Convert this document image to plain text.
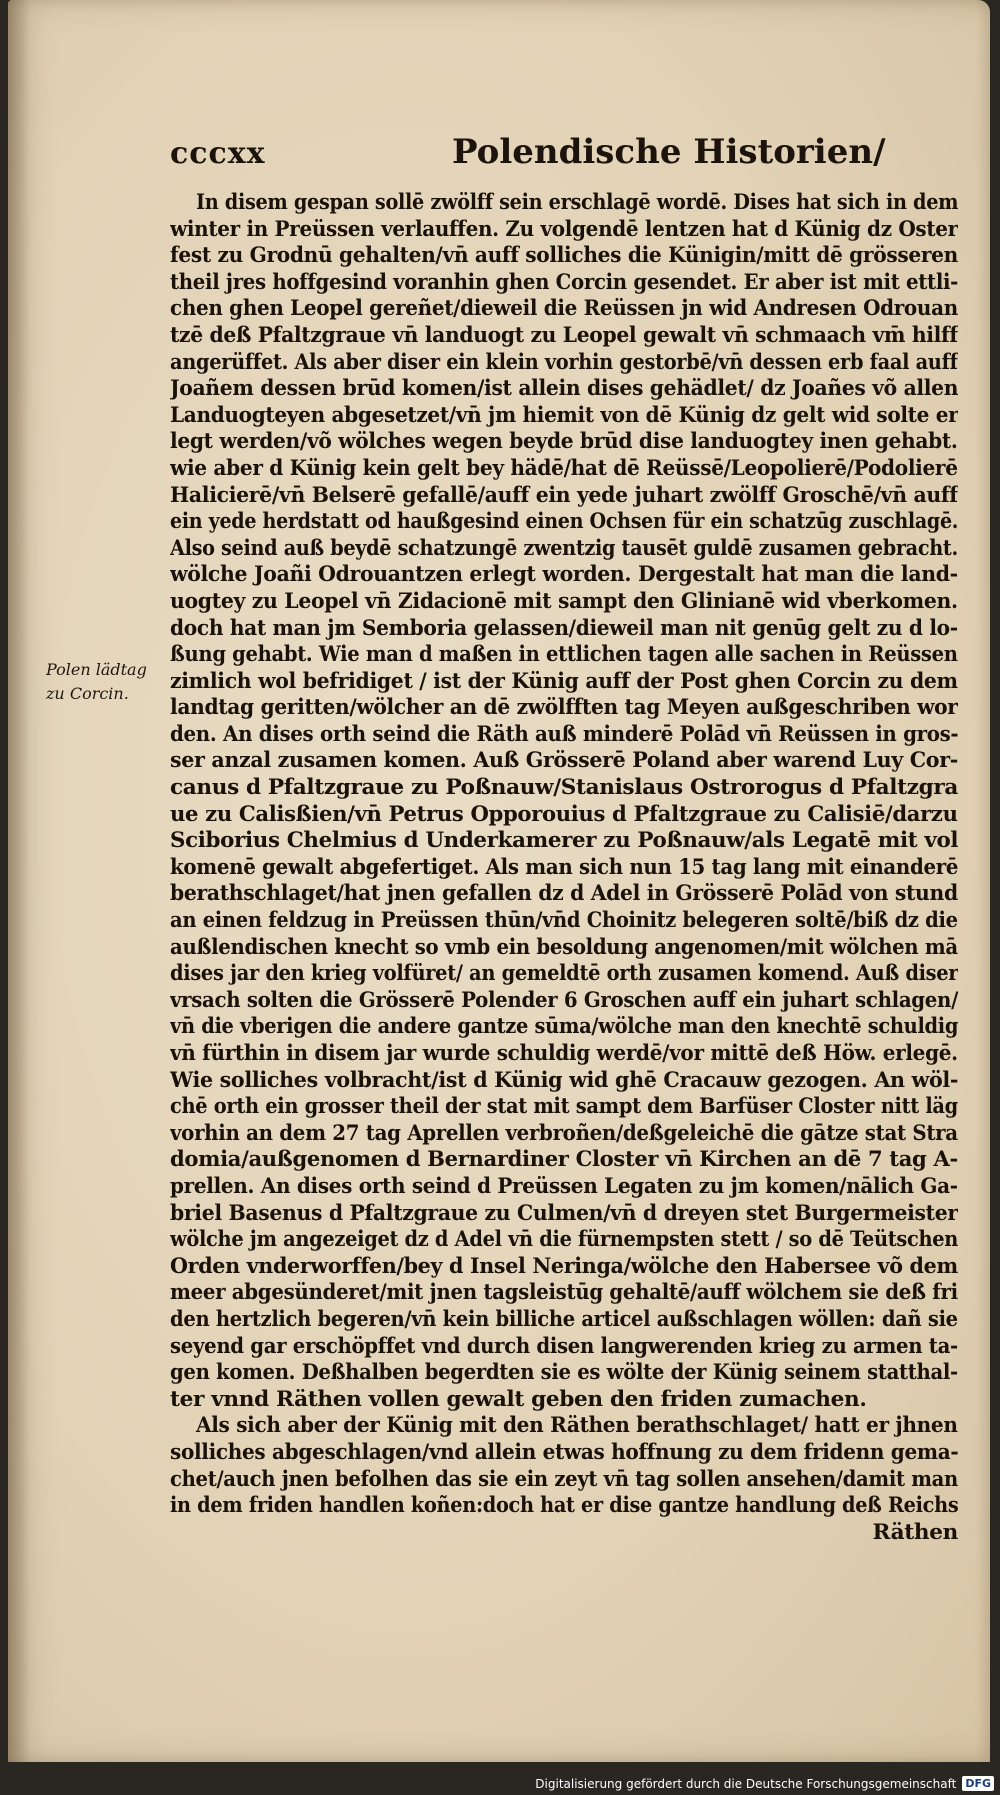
cccxx	Polendische Historien/
Polen lädtag zu Corcin.
In disem gespan sollē zwölff sein erschlagē wordē. Dises hat sich in dem
winter in Preüssen verlauffen. Zu volgendē lentzen hat d Künig dz Oster
fest zu Grodnū gehalten/vn̄ auff solliches die Künigin/mitt dē grösseren
theil jres hoffgesind voranhin ghen Corcin gesendet. Er aber ist mit ettli-
chen ghen Leopel gereñet/dieweil die Reüssen jn wid Andresen Odrouan
tzē deß Pfaltzgraue vn̄ landuogt zu Leopel gewalt vn̄ schmaach vm̄ hilff
angerüffet. Als aber diser ein klein vorhin gestorbē/vn̄ dessen erb faal auff
Joañem dessen brūd komen/ist allein dises gehädlet/ dz Joañes võ allen
Landuogteyen abgesetzet/vn̄ jm hiemit von dē Künig dz gelt wid solte er
legt werden/võ wölches wegen beyde brūd dise landuogtey inen gehabt.
wie aber d Künig kein gelt bey hädē/hat dē Reüssē/Leopolierē/Podolierē
Halicierē/vn̄ Belserē gefallē/auff ein yede juhart zwölff Groschē/vn̄ auff
ein yede herdstatt od haußgesind einen Ochsen für ein schatzūg zuschlagē.
Also seind auß beydē schatzungē zwentzig tausēt guldē zusamen gebracht.
wölche Joañi Odrouantzen erlegt worden. Dergestalt hat man die land-
uogtey zu Leopel vn̄ Zidacionē mit sampt den Glinianē wid vberkomen.
doch hat man jm Semboria gelassen/dieweil man nit genūg gelt zu d lo-
ßung gehabt. Wie man d maßen in ettlichen tagen alle sachen in Reüssen
zimlich wol befridiget / ist der Künig auff der Post ghen Corcin zu dem
landtag geritten/wölcher an dē zwölfften tag Meyen außgeschriben wor
den. An dises orth seind die Räth auß minderē Polād vn̄ Reüssen in gros-
ser anzal zusamen komen. Auß Grösserē Poland aber warend Luy Cor-
canus d Pfaltzgraue zu Poßnauw/Stanislaus Ostrorogus d Pfaltzgra
ue zu Calisßien/vn̄ Petrus Opporouius d Pfaltzgraue zu Calisiē/darzu
Sciborius Chelmius d Underkamerer zu Poßnauw/als Legatē mit vol
komenē gewalt abgefertiget. Als man sich nun 15 tag lang mit einanderē
berathschlaget/hat jnen gefallen dz d Adel in Grösserē Polād von stund
an einen feldzug in Preüssen thūn/vn̄d Choinitz belegeren soltē/biß dz die
außlendischen knecht so vmb ein besoldung angenomen/mit wölchen mā
dises jar den krieg volfüret/ an gemeldtē orth zusamen komend. Auß diser
vrsach solten die Grösserē Polender 6 Groschen auff ein juhart schlagen/
vn̄ die vberigen die andere gantze sūma/wölche man den knechtē schuldig
vn̄ fürthin in disem jar wurde schuldig werdē/vor mittē deß Höw. erlegē.
Wie solliches volbracht/ist d Künig wid ghē Cracauw gezogen. An wöl-
chē orth ein grosser theil der stat mit sampt dem Barfüser Closter nitt läg
vorhin an dem 27 tag Aprellen verbroñen/deßgeleichē die gātze stat Stra
domia/außgenomen d Bernardiner Closter vn̄ Kirchen an dē 7 tag A-
prellen. An dises orth seind d Preüssen Legaten zu jm komen/nālich Ga-
briel Basenus d Pfaltzgraue zu Culmen/vn̄ d dreyen stet Burgermeister
wölche jm angezeiget dz d Adel vn̄ die fürnempsten stett / so dē Teütschen
Orden vnderworffen/bey d Insel Neringa/wölche den Habersee võ dem
meer abgesünderet/mit jnen tagsleistūg gehaltē/auff wölchem sie deß fri
den hertzlich begeren/vn̄ kein billiche articel außschlagen wöllen: dañ sie
seyend gar erschöpffet vnd durch disen langwerenden krieg zu armen ta-
gen komen. Deßhalben begerdten sie es wölte der Künig seinem statthal-
ter vnnd Räthen vollen gewalt geben den friden zumachen.
Als sich aber der Künig mit den Räthen berathschlaget/ hatt er jhnen
solliches abgeschlagen/vnd allein etwas hoffnung zu dem fridenn gema-
chet/auch jnen befolhen das sie ein zeyt vn̄ tag sollen ansehen/damit man
in dem friden handlen koñen:doch hat er dise gantze handlung deß Reichs
Räthen
Digitalisierung gefördert durch die Deutsche Forschungsgemeinschaft DFG
